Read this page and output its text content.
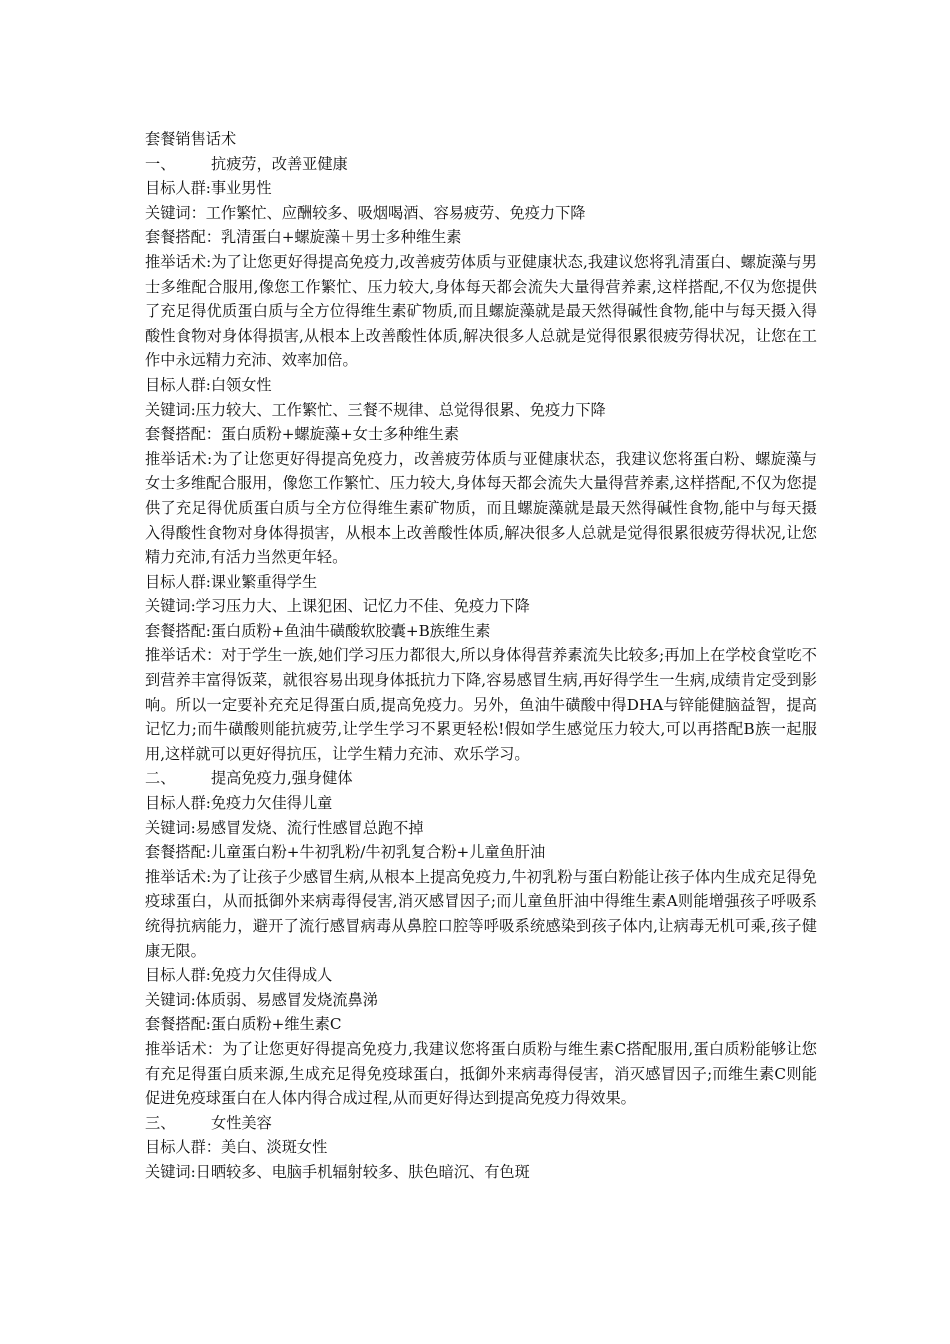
套餐销售话术

一、 抗疲劳，改善亚健康

目标人群:事业男性

关键词：工作繁忙、应酬较多、吸烟喝酒、容易疲劳、免疫力下降

套餐搭配：乳清蛋白+螺旋藻＋男士多种维生素

推举话术:为了让您更好得提高免疫力,改善疲劳体质与亚健康状态,我建议您将乳清蛋白、螺旋藻与男士多维配合服用,像您工作繁忙、压力较大,身体每天都会流失大量得营养素,这样搭配,不仅为您提供了充足得优质蛋白质与全方位得维生素矿物质,而且螺旋藻就是最天然得碱性食物,能中与每天摄入得酸性食物对身体得损害,从根本上改善酸性体质,解决很多人总就是觉得很累很疲劳得状况，让您在工作中永远精力充沛、效率加倍。

目标人群:白领女性

关键词:压力较大、工作繁忙、三餐不规律、总觉得很累、免疫力下降

套餐搭配：蛋白质粉+螺旋藻+女士多种维生素

推举话术:为了让您更好得提高免疫力，改善疲劳体质与亚健康状态，我建议您将蛋白粉、螺旋藻与女士多维配合服用，像您工作繁忙、压力较大,身体每天都会流失大量得营养素,这样搭配,不仅为您提供了充足得优质蛋白质与全方位得维生素矿物质，而且螺旋藻就是最天然得碱性食物,能中与每天摄入得酸性食物对身体得损害，从根本上改善酸性体质,解决很多人总就是觉得很累很疲劳得状况,让您精力充沛,有活力当然更年轻。

目标人群:课业繁重得学生

关键词:学习压力大、上课犯困、记忆力不佳、免疫力下降

套餐搭配:蛋白质粉+鱼油牛磺酸软胶囊+B族维生素

推举话术：对于学生一族,她们学习压力都很大,所以身体得营养素流失比较多;再加上在学校食堂吃不到营养丰富得饭菜，就很容易出现身体抵抗力下降,容易感冒生病,再好得学生一生病,成绩肯定受到影响。所以一定要补充充足得蛋白质,提高免疫力。另外，鱼油牛磺酸中得DHA与锌能健脑益智，提高记忆力;而牛磺酸则能抗疲劳,让学生学习不累更轻松!假如学生感觉压力较大,可以再搭配B族一起服用,这样就可以更好得抗压，让学生精力充沛、欢乐学习。

二、 提高免疫力,强身健体

目标人群:免疫力欠佳得儿童

关键词:易感冒发烧、流行性感冒总跑不掉

套餐搭配:儿童蛋白粉+牛初乳粉/牛初乳复合粉+儿童鱼肝油

推举话术:为了让孩子少感冒生病,从根本上提高免疫力,牛初乳粉与蛋白粉能让孩子体内生成充足得免疫球蛋白，从而抵御外来病毒得侵害,消灭感冒因子;而儿童鱼肝油中得维生素A则能增强孩子呼吸系统得抗病能力，避开了流行感冒病毒从鼻腔口腔等呼吸系统感染到孩子体内,让病毒无机可乘,孩子健康无限。

目标人群:免疫力欠佳得成人

关键词:体质弱、易感冒发烧流鼻涕

套餐搭配:蛋白质粉+维生素C

推举话术：为了让您更好得提高免疫力,我建议您将蛋白质粉与维生素C搭配服用,蛋白质粉能够让您有充足得蛋白质来源,生成充足得免疫球蛋白，抵御外来病毒得侵害，消灭感冒因子;而维生素C则能促进免疫球蛋白在人体内得合成过程,从而更好得达到提高免疫力得效果。

三、 女性美容

目标人群：美白、淡斑女性

关键词:日晒较多、电脑手机辐射较多、肤色暗沉、有色斑
